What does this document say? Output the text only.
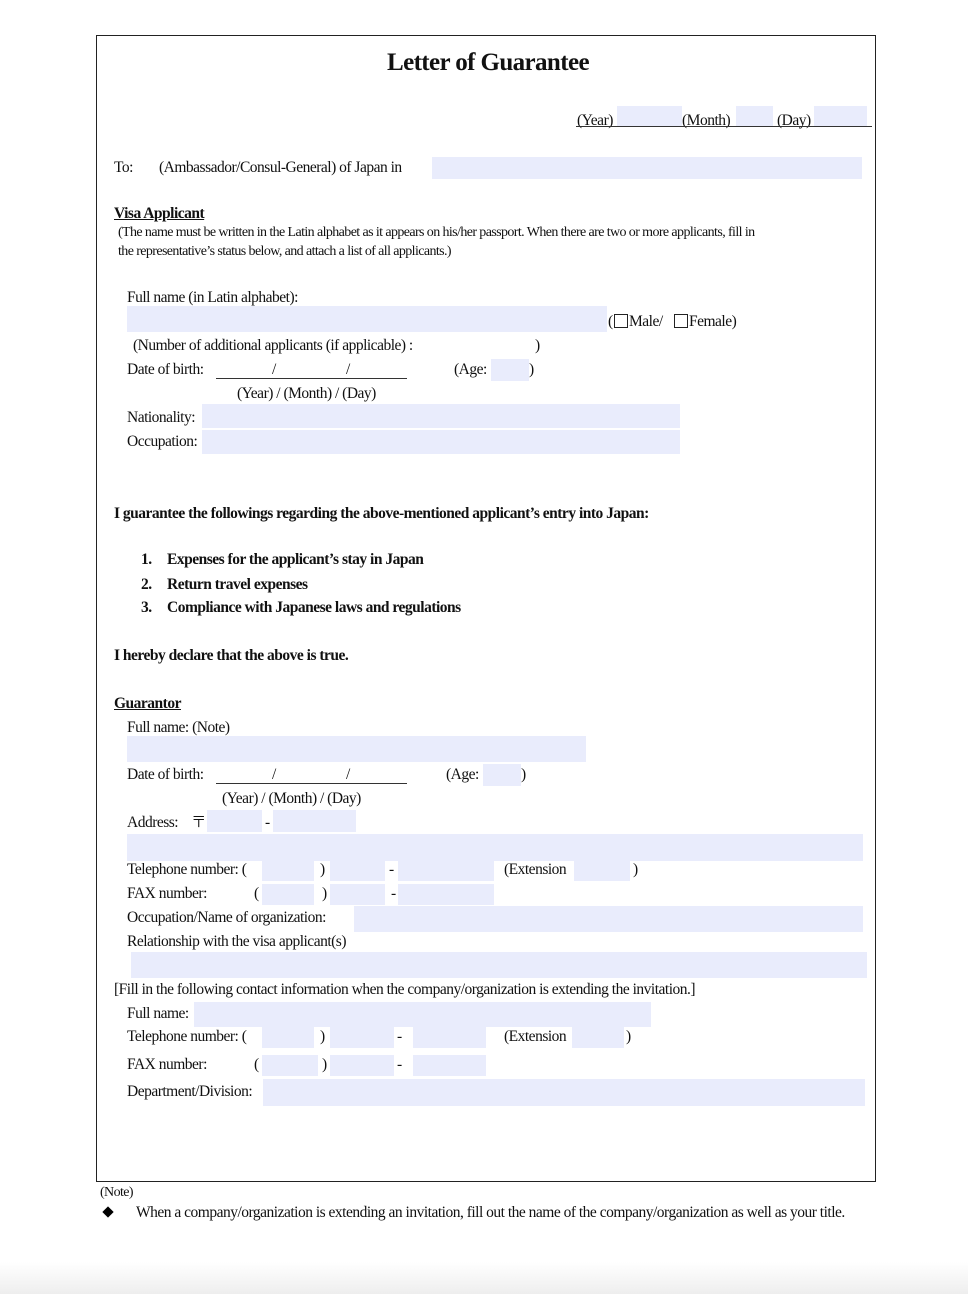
Letter of Guarantee
(Year)	(Month)	(Day)
To: (Ambassador/Consul-General) of Japan in
Visa Applicant
(The name must be written in the Latin alphabet as it appears on his/her passport. When there are two or more applicants, fill in
the representative’s status below, and attach a list of all applicants.)
Full name (in Latin alphabet):
( Male/ Female)
(Number of additional applicants (if applicable) :	)
Date of birth:	/	/	(Age:	)
(Year) / (Month) / (Day)
Nationality:
Occupation:
I guarantee the followings regarding the above-mentioned applicant’s entry into Japan:
1. Expenses for the applicant’s stay in Japan
2. Return travel expenses
3. Compliance with Japanese laws and regulations
I hereby declare that the above is true.
Guarantor
Full name: (Note)
Date of birth:	/	/	(Age:	)
(Year) / (Month) / (Day)
Address: 〒	-
Telephone number: (	)	-	(Extension	)
FAX number:	(	)	-
Occupation/Name of organization:
Relationship with the visa applicant(s)
[Fill in the following contact information when the company/organization is extending the invitation.]
Full name:
Telephone number: (	)	-	(Extension	)
FAX number:	(	)	-
Department/Division:
(Note)
When a company/organization is extending an invitation, fill out the name of the company/organization as well as your title.
